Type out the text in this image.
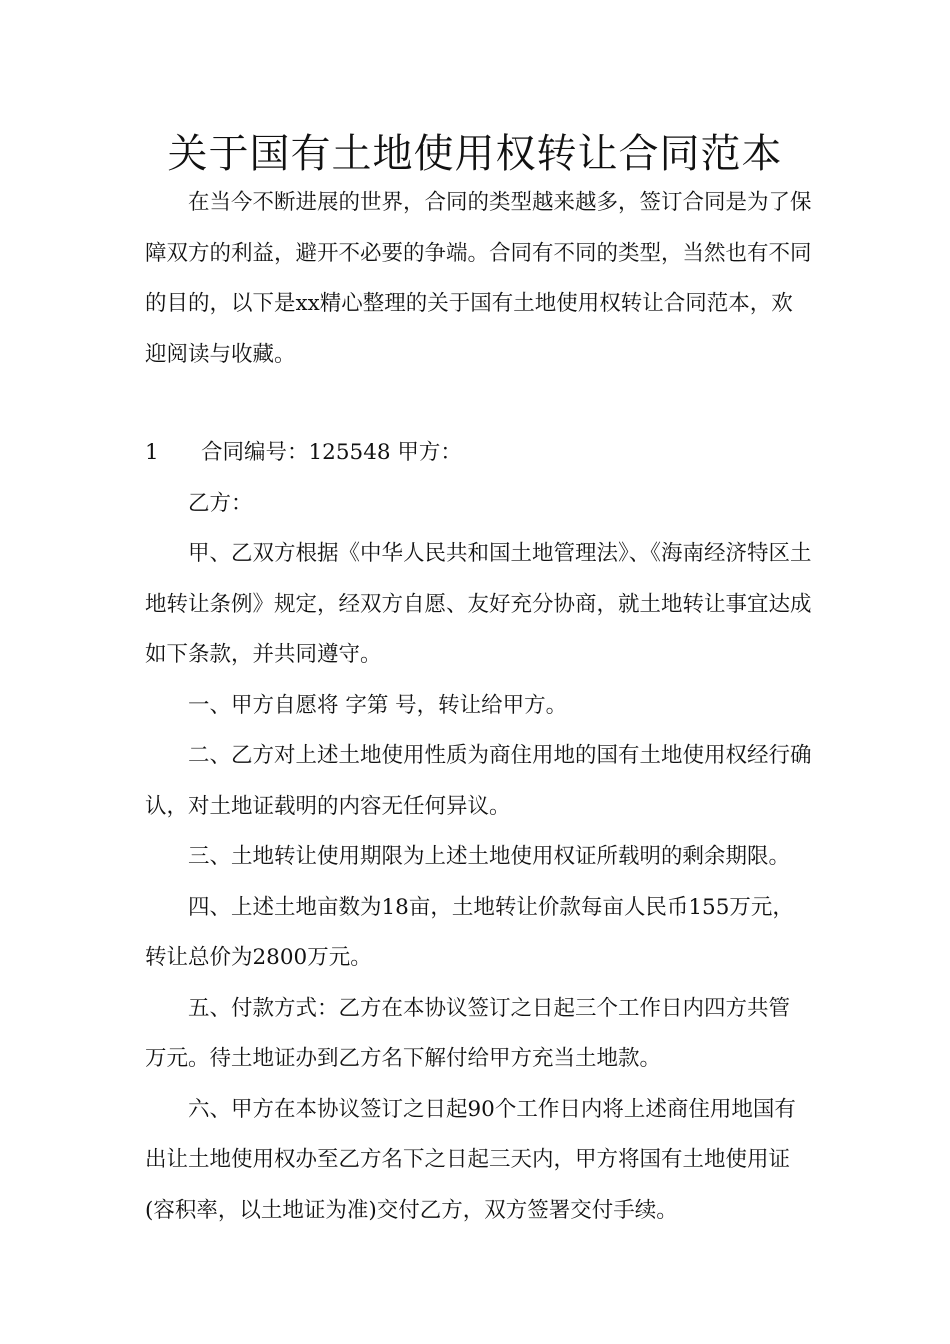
关于国有土地使用权转让合同范本

在当今不断进展的世界，合同的类型越来越多，签订合同是为了保障双方的利益，避开不必要的争端。合同有不同的类型，当然也有不同的目的，以下是xx精心整理的关于国有土地使用权转让合同范本，欢迎阅读与收藏。

1 合同编号：125548 甲方：

乙方：

甲、乙双方根据《中华人民共和国土地管理法》、《海南经济特区土地转让条例》规定，经双方自愿、友好充分协商，就土地转让事宜达成如下条款，并共同遵守。

一、甲方自愿将 字第 号，转让给甲方。

二、乙方对上述土地使用性质为商住用地的国有土地使用权经行确认，对土地证载明的内容无任何异议。

三、土地转让使用期限为上述土地使用权证所载明的剩余期限。

四、上述土地亩数为18亩，土地转让价款每亩人民币155万元，转让总价为2800万元。

五、付款方式：乙方在本协议签订之日起三个工作日内四方共管 万元。待土地证办到乙方名下解付给甲方充当土地款。

六、甲方在本协议签订之日起90个工作日内将上述商住用地国有出让土地使用权办至乙方名下之日起三天内，甲方将国有土地使用证(容积率，以土地证为准)交付乙方，双方签署交付手续。
